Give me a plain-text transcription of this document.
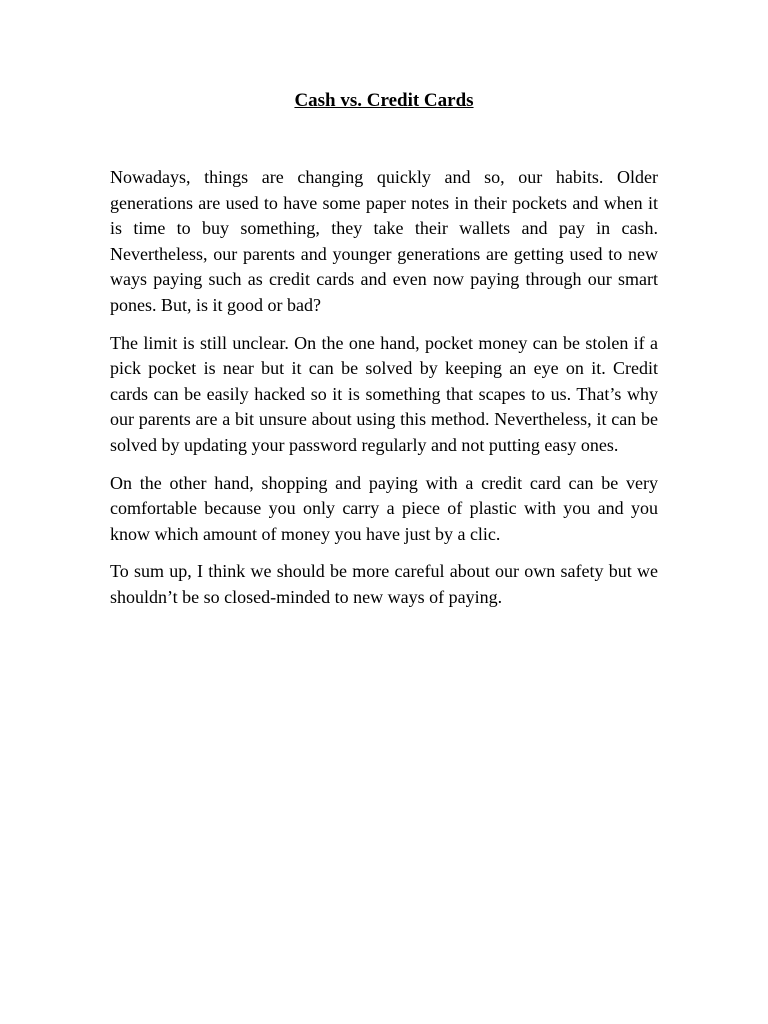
Cash vs. Credit Cards

Nowadays, things are changing quickly and so, our habits. Older generations are used to have some paper notes in their pockets and when it is time to buy something, they take their wallets and pay in cash. Nevertheless, our parents and younger generations are getting used to new ways paying such as credit cards and even now paying through our smart pones. But, is it good or bad?

The limit is still unclear. On the one hand, pocket money can be stolen if a pick pocket is near but it can be solved by keeping an eye on it. Credit cards can be easily hacked so it is something that scapes to us. That’s why our parents are a bit unsure about using this method. Nevertheless, it can be solved by updating your password regularly and not putting easy ones.

On the other hand, shopping and paying with a credit card can be very comfortable because you only carry a piece of plastic with you and you know which amount of money you have just by a clic.

To sum up, I think we should be more careful about our own safety but we shouldn’t be so closed-minded to new ways of paying.
